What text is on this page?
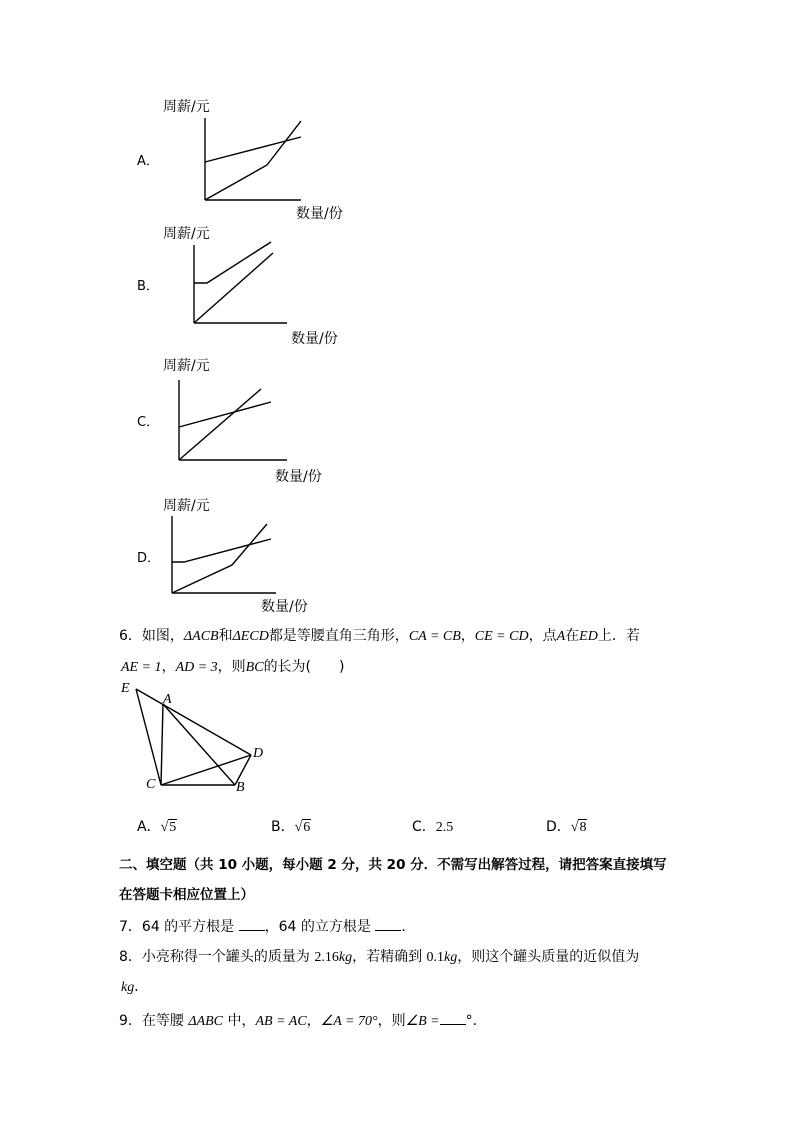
A．
周薪/元
数量/份
B．
周薪/元
数量/份
C．
周薪/元
数量/份
D．
周薪/元
数量/份
6．如图，ΔACB和ΔECD都是等腰直角三角形，CA = CB，CE = CD，点A在ED上．若
AE = 1，AD = 3，则BC的长为(　　)
E
A
D
C	B
A．√5	B．√6	C．2.5	D．√8
二、填空题（共 10 小题，每小题 2 分，共 20 分．不需写出解答过程，请把答案直接填写
在答题卡相应位置上）
7．64 的平方根是 ，64 的立方根是 ．
8．小亮称得一个罐头的质量为 2.16kg，若精确到 0.1kg，则这个罐头质量的近似值为
kg．
9．在等腰 ΔABC 中，AB = AC，∠A = 70°，则∠B = °．
